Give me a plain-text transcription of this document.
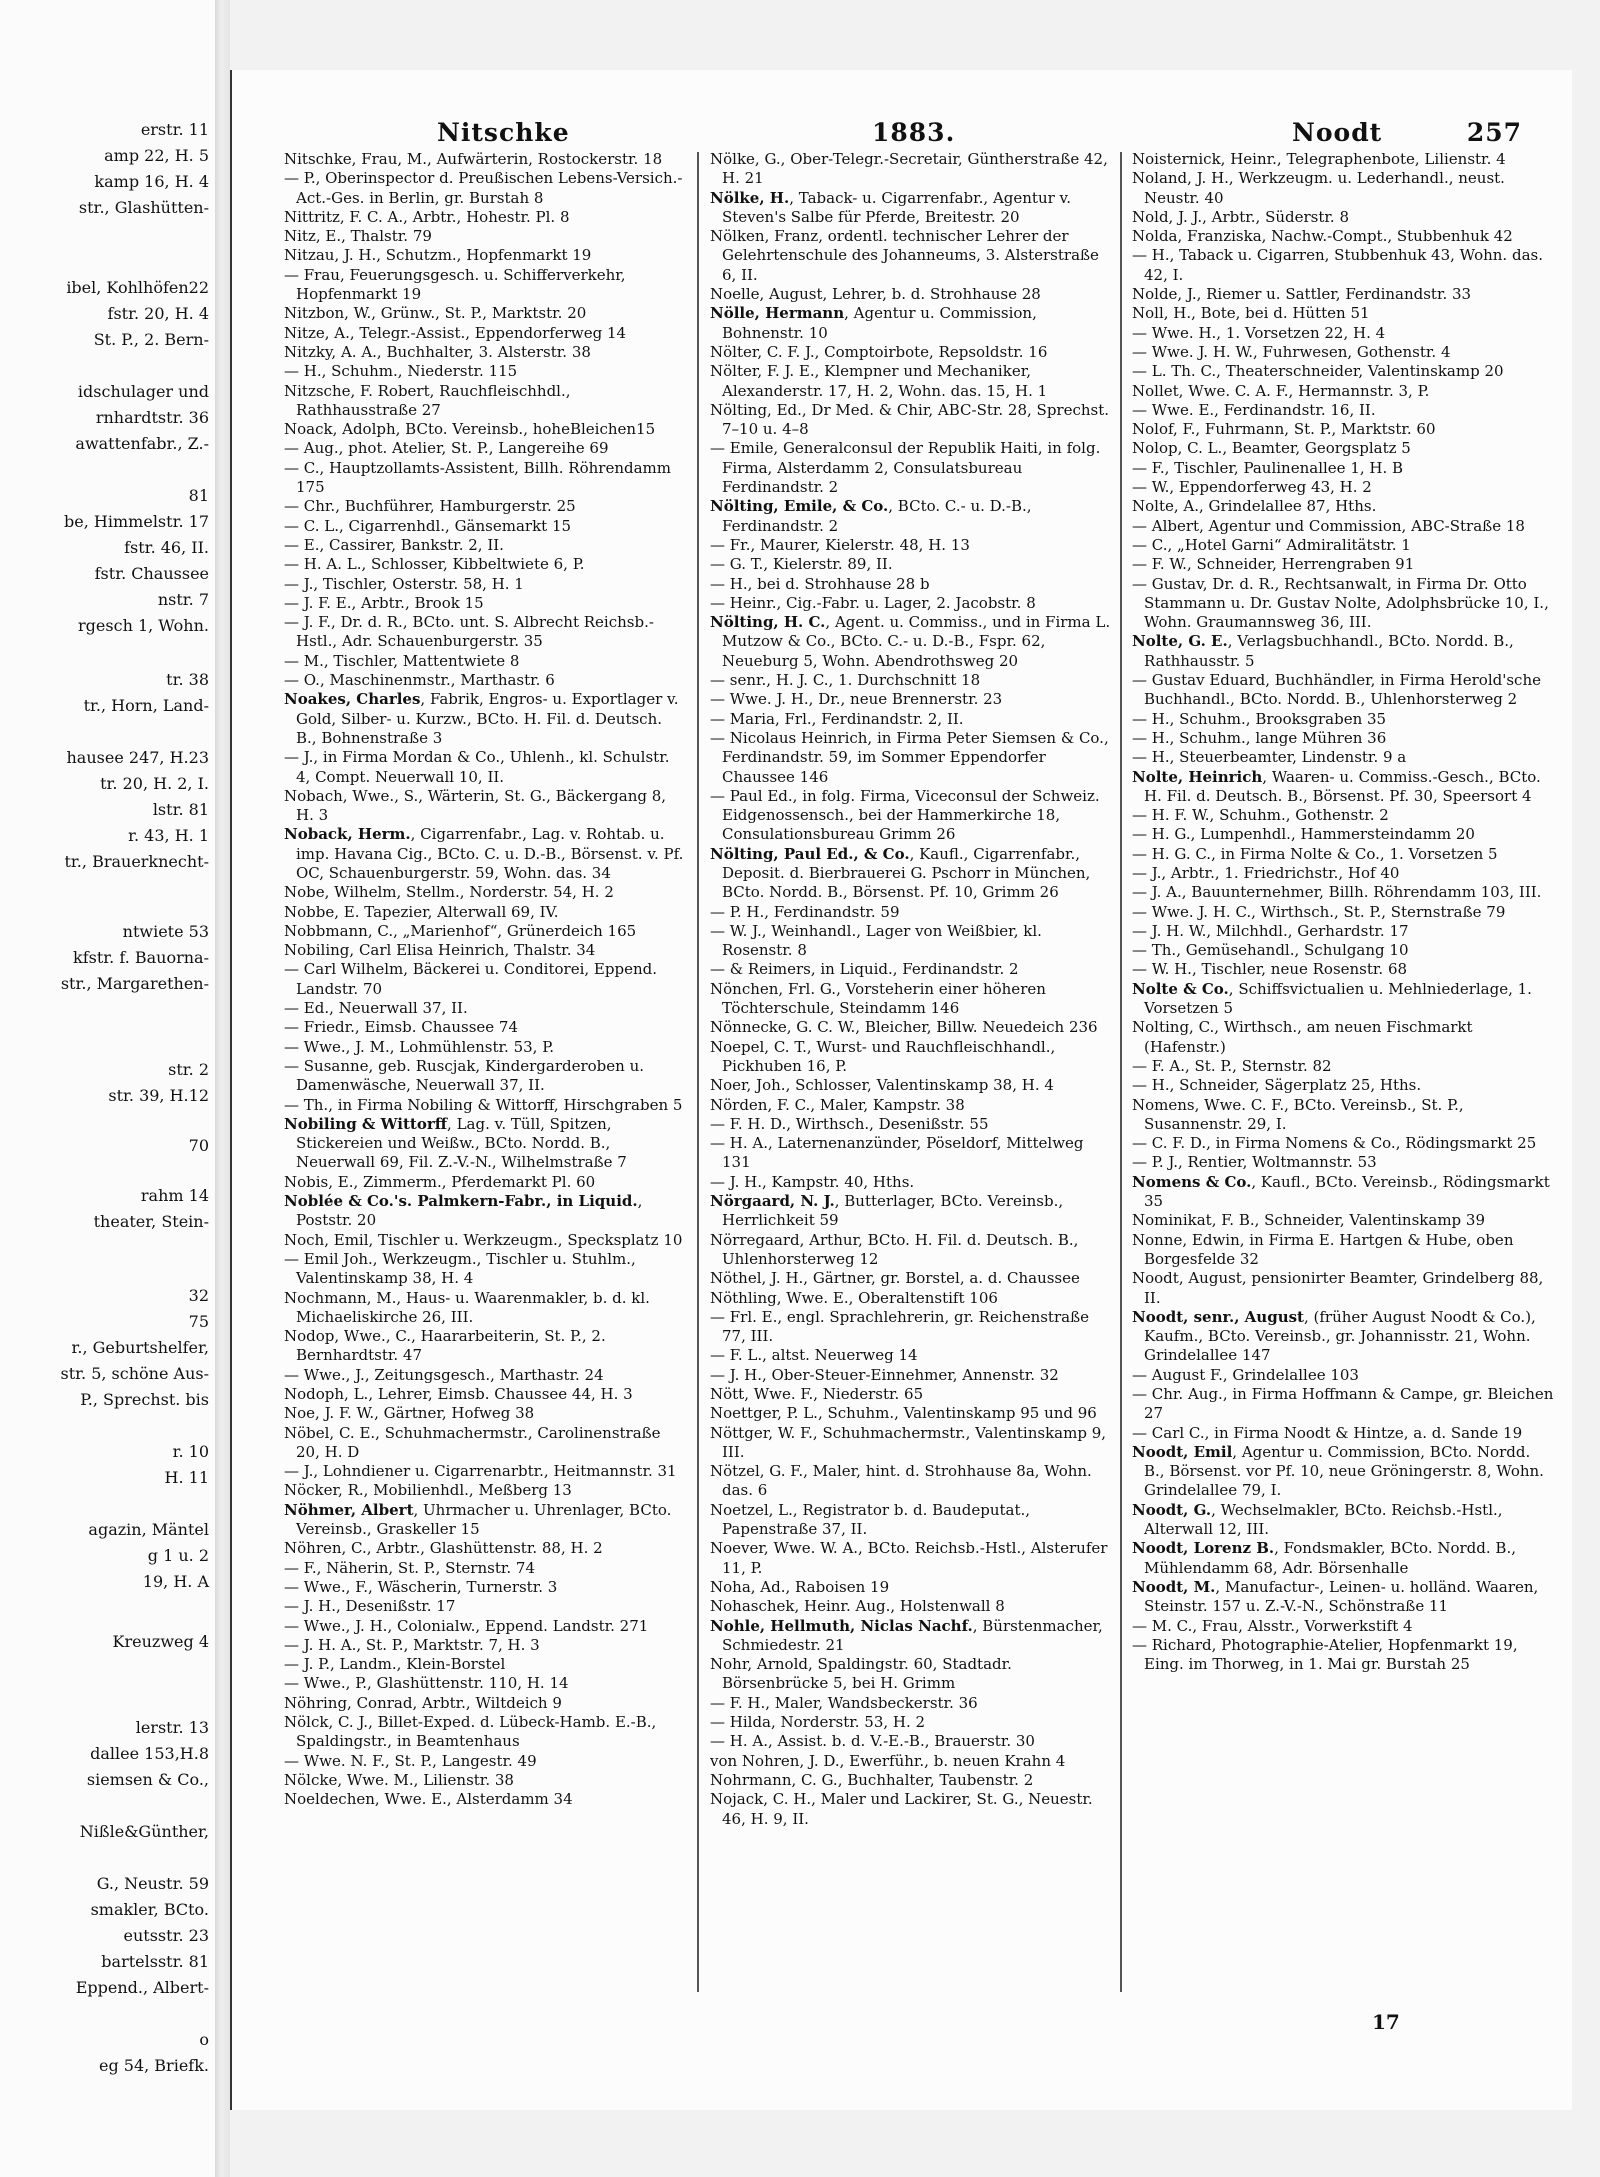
erstr. 11
amp 22, H. 5
kamp 16, H. 4
str., Glashütten-
ibel, Kohlhöfen22
fstr. 20, H. 4
St. P., 2. Bern-
idschulager und
rnhardtstr. 36
awattenfabr., Z.-
81
be, Himmelstr. 17
fstr. 46, II.
fstr. Chaussee
nstr. 7
rgesch 1, Wohn.
tr. 38
tr., Horn, Land-
hausee 247, H.23
tr. 20, H. 2, I.
lstr. 81
r. 43, H. 1
tr., Brauerknecht-
ntwiete 53
kfstr. f. Bauorna-
str., Margarethen-
str. 2
str. 39, H.12
70
rahm 14
theater, Stein-
32
75
r., Geburtshelfer,
str. 5, schöne Aus-
P., Sprechst. bis
r. 10
H. 11
agazin, Mäntel
g 1 u. 2
19, H. A
Kreuzweg 4
lerstr. 13
dallee 153,H.8
siemsen & Co.,
Nißle&Günther,
G., Neustr. 59
smakler, BCto.
eutsstr. 23
bartelsstr. 81
Eppend., Albert-
o
eg 54, Briefk.
Nitschke	1883.	Noodt	257

Nitschke, Frau, M., Aufwärterin, Rostockerstr. 18

— P., Oberinspector d. Preußischen Lebens-Versich.-Act.-Ges. in Berlin, gr. Burstah 8

Nittritz, F. C. A., Arbtr., Hohestr. Pl. 8

Nitz, E., Thalstr. 79

Nitzau, J. H., Schutzm., Hopfenmarkt 19

— Frau, Feuerungsgesch. u. Schifferverkehr, Hopfenmarkt 19

Nitzbon, W., Grünw., St. P., Marktstr. 20

Nitze, A., Telegr.-Assist., Eppendorferweg 14

Nitzky, A. A., Buchhalter, 3. Alsterstr. 38

— H., Schuhm., Niederstr. 115

Nitzsche, F. Robert, Rauchfleischhdl., Rathhausstraße 27

Noack, Adolph, BCto. Vereinsb., hoheBleichen15

— Aug., phot. Atelier, St. P., Langereihe 69

— C., Hauptzollamts-Assistent, Billh. Röhrendamm 175

— Chr., Buchführer, Hamburgerstr. 25

— C. L., Cigarrenhdl., Gänsemarkt 15

— E., Cassirer, Bankstr. 2, II.

— H. A. L., Schlosser, Kibbeltwiete 6, P.

— J., Tischler, Osterstr. 58, H. 1

— J. F. E., Arbtr., Brook 15

— J. F., Dr. d. R., BCto. unt. S. Albrecht Reichsb.-Hstl., Adr. Schauenburgerstr. 35

— M., Tischler, Mattentwiete 8

— O., Maschinenmstr., Marthastr. 6

Noakes, Charles, Fabrik, Engros- u. Exportlager v. Gold, Silber- u. Kurzw., BCto. H. Fil. d. Deutsch. B., Bohnenstraße 3

— J., in Firma Mordan & Co., Uhlenh., kl. Schulstr. 4, Compt. Neuerwall 10, II.

Nobach, Wwe., S., Wärterin, St. G., Bäckergang 8, H. 3

Noback, Herm., Cigarrenfabr., Lag. v. Rohtab. u. imp. Havana Cig., BCto. C. u. D.-B., Börsenst. v. Pf. OC, Schauenburgerstr. 59, Wohn. das. 34

Nobe, Wilhelm, Stellm., Norderstr. 54, H. 2

Nobbe, E. Tapezier, Alterwall 69, IV.

Nobbmann, C., „Marienhof“, Grünerdeich 165

Nobiling, Carl Elisa Heinrich, Thalstr. 34

— Carl Wilhelm, Bäckerei u. Conditorei, Eppend. Landstr. 70

— Ed., Neuerwall 37, II.

— Friedr., Eimsb. Chaussee 74

— Wwe., J. M., Lohmühlenstr. 53, P.

— Susanne, geb. Ruscjak, Kindergarderoben u. Damenwäsche, Neuerwall 37, II.

— Th., in Firma Nobiling & Wittorff, Hirschgraben 5

Nobiling & Wittorff, Lag. v. Tüll, Spitzen, Stickereien und Weißw., BCto. Nordd. B., Neuerwall 69, Fil. Z.-V.-N., Wilhelmstraße 7

Nobis, E., Zimmerm., Pferdemarkt Pl. 60

Noblée & Co.'s. Palmkern-Fabr., in Liquid., Poststr. 20

Noch, Emil, Tischler u. Werkzeugm., Specksplatz 10

— Emil Joh., Werkzeugm., Tischler u. Stuhlm., Valentinskamp 38, H. 4

Nochmann, M., Haus- u. Waarenmakler, b. d. kl. Michaeliskirche 26, III.

Nodop, Wwe., C., Haararbeiterin, St. P., 2. Bernhardtstr. 47

— Wwe., J., Zeitungsgesch., Marthastr. 24

Nodoph, L., Lehrer, Eimsb. Chaussee 44, H. 3

Noe, J. F. W., Gärtner, Hofweg 38

Nöbel, C. E., Schuhmachermstr., Carolinenstraße 20, H. D

— J., Lohndiener u. Cigarrenarbtr., Heitmannstr. 31

Nöcker, R., Mobilienhdl., Meßberg 13

Nöhmer, Albert, Uhrmacher u. Uhrenlager, BCto. Vereinsb., Graskeller 15

Nöhren, C., Arbtr., Glashüttenstr. 88, H. 2

— F., Näherin, St. P., Sternstr. 74

— Wwe., F., Wäscherin, Turnerstr. 3

— J. H., Desenißstr. 17

— Wwe., J. H., Colonialw., Eppend. Landstr. 271

— J. H. A., St. P., Marktstr. 7, H. 3

— J. P., Landm., Klein-Borstel

— Wwe., P., Glashüttenstr. 110, H. 14

Nöhring, Conrad, Arbtr., Wiltdeich 9

Nölck, C. J., Billet-Exped. d. Lübeck-Hamb. E.-B., Spaldingstr., in Beamtenhaus

— Wwe. N. F., St. P., Langestr. 49

Nölcke, Wwe. M., Lilienstr. 38

Noeldechen, Wwe. E., Alsterdamm 34

Nölke, G., Ober-Telegr.-Secretair, Güntherstraße 42, H. 21

Nölke, H., Taback- u. Cigarrenfabr., Agentur v. Steven's Salbe für Pferde, Breitestr. 20

Nölken, Franz, ordentl. technischer Lehrer der Gelehrtenschule des Johanneums, 3. Alsterstraße 6, II.

Noelle, August, Lehrer, b. d. Strohhause 28

Nölle, Hermann, Agentur u. Commission, Bohnenstr. 10

Nölter, C. F. J., Comptoirbote, Repsoldstr. 16

Nölter, F. J. E., Klempner und Mechaniker, Alexanderstr. 17, H. 2, Wohn. das. 15, H. 1

Nölting, Ed., Dr Med. & Chir, ABC-Str. 28, Sprechst. 7–10 u. 4–8

— Emile, Generalconsul der Republik Haiti, in folg. Firma, Alsterdamm 2, Consulatsbureau Ferdinandstr. 2

Nölting, Emile, & Co., BCto. C.- u. D.-B., Ferdinandstr. 2

— Fr., Maurer, Kielerstr. 48, H. 13

— G. T., Kielerstr. 89, II.

— H., bei d. Strohhause 28 b

— Heinr., Cig.-Fabr. u. Lager, 2. Jacobstr. 8

Nölting, H. C., Agent. u. Commiss., und in Firma L. Mutzow & Co., BCto. C.- u. D.-B., Fspr. 62, Neueburg 5, Wohn. Abendrothsweg 20

— senr., H. J. C., 1. Durchschnitt 18

— Wwe. J. H., Dr., neue Brennerstr. 23

— Maria, Frl., Ferdinandstr. 2, II.

— Nicolaus Heinrich, in Firma Peter Siemsen & Co., Ferdinandstr. 59, im Sommer Eppendorfer Chaussee 146

— Paul Ed., in folg. Firma, Viceconsul der Schweiz. Eidgenossensch., bei der Hammerkirche 18, Consulationsbureau Grimm 26

Nölting, Paul Ed., & Co., Kaufl., Cigarrenfabr., Deposit. d. Bierbrauerei G. Pschorr in München, BCto. Nordd. B., Börsenst. Pf. 10, Grimm 26

— P. H., Ferdinandstr. 59

— W. J., Weinhandl., Lager von Weißbier, kl. Rosenstr. 8

— & Reimers, in Liquid., Ferdinandstr. 2

Nönchen, Frl. G., Vorsteherin einer höheren Töchterschule, Steindamm 146

Nönnecke, G. C. W., Bleicher, Billw. Neuedeich 236

Noepel, C. T., Wurst- und Rauchfleischhandl., Pickhuben 16, P.

Noer, Joh., Schlosser, Valentinskamp 38, H. 4

Nörden, F. C., Maler, Kampstr. 38

— F. H. D., Wirthsch., Desenißstr. 55

— H. A., Laternenanzünder, Pöseldorf, Mittelweg 131

— J. H., Kampstr. 40, Hths.

Nörgaard, N. J., Butterlager, BCto. Vereinsb., Herrlichkeit 59

Nörregaard, Arthur, BCto. H. Fil. d. Deutsch. B., Uhlenhorsterweg 12

Nöthel, J. H., Gärtner, gr. Borstel, a. d. Chaussee

Nöthling, Wwe. E., Oberaltenstift 106

— Frl. E., engl. Sprachlehrerin, gr. Reichenstraße 77, III.

— F. L., altst. Neuerweg 14

— J. H., Ober-Steuer-Einnehmer, Annenstr. 32

Nött, Wwe. F., Niederstr. 65

Noettger, P. L., Schuhm., Valentinskamp 95 und 96

Nöttger, W. F., Schuhmachermstr., Valentinskamp 9, III.

Nötzel, G. F., Maler, hint. d. Strohhause 8a, Wohn. das. 6

Noetzel, L., Registrator b. d. Baudeputat., Papenstraße 37, II.

Noever, Wwe. W. A., BCto. Reichsb.-Hstl., Alsterufer 11, P.

Noha, Ad., Raboisen 19

Nohaschek, Heinr. Aug., Holstenwall 8

Nohle, Hellmuth, Niclas Nachf., Bürstenmacher, Schmiedestr. 21

Nohr, Arnold, Spaldingstr. 60, Stadtadr. Börsenbrücke 5, bei H. Grimm

— F. H., Maler, Wandsbeckerstr. 36

— Hilda, Norderstr. 53, H. 2

— H. A., Assist. b. d. V.-E.-B., Brauerstr. 30

von Nohren, J. D., Ewerführ., b. neuen Krahn 4

Nohrmann, C. G., Buchhalter, Taubenstr. 2

Nojack, C. H., Maler und Lackirer, St. G., Neuestr. 46, H. 9, II.

Noisternick, Heinr., Telegraphenbote, Lilienstr. 4

Noland, J. H., Werkzeugm. u. Lederhandl., neust. Neustr. 40

Nold, J. J., Arbtr., Süderstr. 8

Nolda, Franziska, Nachw.-Compt., Stubbenhuk 42

— H., Taback u. Cigarren, Stubbenhuk 43, Wohn. das. 42, I.

Nolde, J., Riemer u. Sattler, Ferdinandstr. 33

Noll, H., Bote, bei d. Hütten 51

— Wwe. H., 1. Vorsetzen 22, H. 4

— Wwe. J. H. W., Fuhrwesen, Gothenstr. 4

— L. Th. C., Theaterschneider, Valentinskamp 20

Nollet, Wwe. C. A. F., Hermannstr. 3, P.

— Wwe. E., Ferdinandstr. 16, II.

Nolof, F., Fuhrmann, St. P., Marktstr. 60

Nolop, C. L., Beamter, Georgsplatz 5

— F., Tischler, Paulinenallee 1, H. B

— W., Eppendorferweg 43, H. 2

Nolte, A., Grindelallee 87, Hths.

— Albert, Agentur und Commission, ABC-Straße 18

— C., „Hotel Garni“ Admiralitätstr. 1

— F. W., Schneider, Herrengraben 91

— Gustav, Dr. d. R., Rechtsanwalt, in Firma Dr. Otto Stammann u. Dr. Gustav Nolte, Adolphsbrücke 10, I., Wohn. Graumannsweg 36, III.

Nolte, G. E., Verlagsbuchhandl., BCto. Nordd. B., Rathhausstr. 5

— Gustav Eduard, Buchhändler, in Firma Herold'sche Buchhandl., BCto. Nordd. B., Uhlenhorsterweg 2

— H., Schuhm., Brooksgraben 35

— H., Schuhm., lange Mühren 36

— H., Steuerbeamter, Lindenstr. 9 a

Nolte, Heinrich, Waaren- u. Commiss.-Gesch., BCto. H. Fil. d. Deutsch. B., Börsenst. Pf. 30, Speersort 4

— H. F. W., Schuhm., Gothenstr. 2

— H. G., Lumpenhdl., Hammersteindamm 20

— H. G. C., in Firma Nolte & Co., 1. Vorsetzen 5

— J., Arbtr., 1. Friedrichstr., Hof 40

— J. A., Bauunternehmer, Billh. Röhrendamm 103, III.

— Wwe. J. H. C., Wirthsch., St. P., Sternstraße 79

— J. H. W., Milchhdl., Gerhardstr. 17

— Th., Gemüsehandl., Schulgang 10

— W. H., Tischler, neue Rosenstr. 68

Nolte & Co., Schiffsvictualien u. Mehlniederlage, 1. Vorsetzen 5

Nolting, C., Wirthsch., am neuen Fischmarkt (Hafenstr.)

— F. A., St. P., Sternstr. 82

— H., Schneider, Sägerplatz 25, Hths.

Nomens, Wwe. C. F., BCto. Vereinsb., St. P., Susannenstr. 29, I.

— C. F. D., in Firma Nomens & Co., Rödingsmarkt 25

— P. J., Rentier, Woltmannstr. 53

Nomens & Co., Kaufl., BCto. Vereinsb., Rödingsmarkt 35

Nominikat, F. B., Schneider, Valentinskamp 39

Nonne, Edwin, in Firma E. Hartgen & Hube, oben Borgesfelde 32

Noodt, August, pensionirter Beamter, Grindelberg 88, II.

Noodt, senr., August, (früher August Noodt & Co.), Kaufm., BCto. Vereinsb., gr. Johannisstr. 21, Wohn. Grindelallee 147

— August F., Grindelallee 103

— Chr. Aug., in Firma Hoffmann & Campe, gr. Bleichen 27

— Carl C., in Firma Noodt & Hintze, a. d. Sande 19

Noodt, Emil, Agentur u. Commission, BCto. Nordd. B., Börsenst. vor Pf. 10, neue Gröningerstr. 8, Wohn. Grindelallee 79, I.

Noodt, G., Wechselmakler, BCto. Reichsb.-Hstl., Alterwall 12, III.

Noodt, Lorenz B., Fondsmakler, BCto. Nordd. B., Mühlendamm 68, Adr. Börsenhalle

Noodt, M., Manufactur-, Leinen- u. holländ. Waaren, Steinstr. 157 u. Z.-V.-N., Schönstraße 11

— M. C., Frau, Alsstr., Vorwerkstift 4

— Richard, Photographie-Atelier, Hopfenmarkt 19, Eing. im Thorweg, in 1. Mai gr. Burstah 25

17
